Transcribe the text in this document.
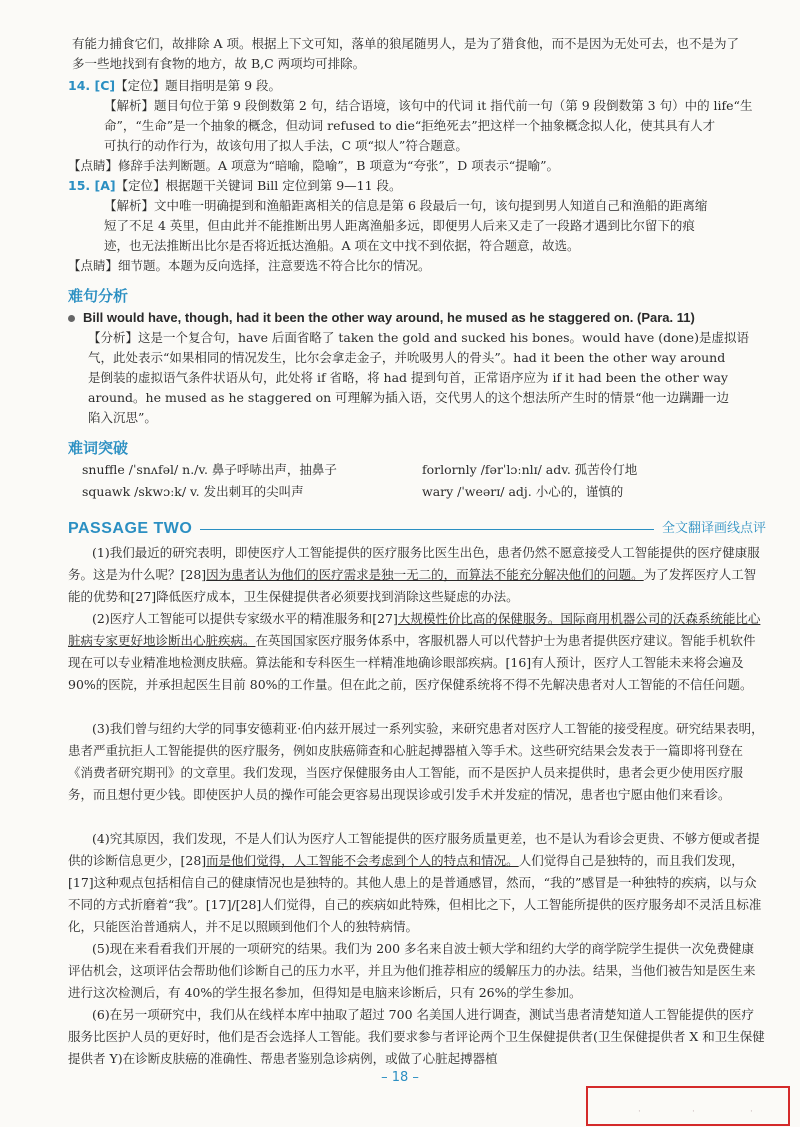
有能力捕食它们，故排除 A 项。根据上下文可知，落单的狼尾随男人，是为了猎食他，而不是因为无处可去，也不是为了

多一些地找到有食物的地方，故 B,C 两项均可排除。

14. [C]【定位】题目指明是第 9 段。

【解析】题目句位于第 9 段倒数第 2 句，结合语境，该句中的代词 it 指代前一句（第 9 段倒数第 3 句）中的 life“生

命”，“生命”是一个抽象的概念，但动词 refused to die“拒绝死去”把这样一个抽象概念拟人化，使其具有人才

可执行的动作行为，故该句用了拟人手法，C 项“拟人”符合题意。

【点睛】修辞手法判断题。A 项意为“暗喻，隐喻”，B 项意为“夸张”，D 项表示“提喻”。

15. [A]【定位】根据题干关键词 Bill 定位到第 9—11 段。

【解析】文中唯一明确提到和渔船距离相关的信息是第 6 段最后一句，该句提到男人知道自己和渔船的距离缩

短了不足 4 英里，但由此并不能推断出男人距离渔船多远，即便男人后来又走了一段路才遇到比尔留下的痕

迹，也无法推断出比尔是否将近抵达渔船。A 项在文中找不到依据，符合题意，故选。

【点睛】细节题。本题为反向选择，注意要选不符合比尔的情况。

难句分析

Bill would have, though, had it been the other way around, he mused as he staggered on. (Para. 11)

【分析】这是一个复合句，have 后面省略了 taken the gold and sucked his bones。would have (done)是虚拟语

气，此处表示“如果相同的情况发生，比尔会拿走金子，并吮吸男人的骨头”。had it been the other way around

是倒装的虚拟语气条件状语从句，此处将 if 省略，将 had 提到句首，正常语序应为 if it had been the other way

around。he mused as he staggered on 可理解为插入语，交代男人的这个想法所产生时的情景“他一边蹒跚一边

陷入沉思”。

难词突破
snuffle /ˈsnʌfəl/ n./v. 鼻子呼哧出声，抽鼻子	forlornly /fərˈlɔːnlɪ/ adv. 孤苦伶仃地
squawk /skwɔːk/ v. 发出刺耳的尖叫声	wary /ˈweərɪ/ adj. 小心的，谨慎的
PASSAGE TWO	全文翻译画线点评

(1)我们最近的研究表明，即使医疗人工智能提供的医疗服务比医生出色，患者仍然不愿意接受人工智能提供的医疗健康服务。这是为什么呢？[28]因为患者认为他们的医疗需求是独一无二的，而算法不能充分解决他们的问题。为了发挥医疗人工智能的优势和[27]降低医疗成本，卫生保健提供者必须要找到消除这些疑虑的办法。

(2)医疗人工智能可以提供专家级水平的精准服务和[27]大规模性价比高的保健服务。国际商用机器公司的沃森系统能比心脏病专家更好地诊断出心脏疾病。在英国国家医疗服务体系中，客服机器人可以代替护士为患者提供医疗建议。智能手机软件现在可以专业精准地检测皮肤癌。算法能和专科医生一样精准地确诊眼部疾病。[16]有人预计，医疗人工智能未来将会遍及 90%的医院，并承担起医生目前 80%的工作量。但在此之前，医疗保健系统将不得不先解决患者对人工智能的不信任问题。

(3)我们曾与纽约大学的同事安德莉亚·伯内兹开展过一系列实验，来研究患者对医疗人工智能的接受程度。研究结果表明，患者严重抗拒人工智能提供的医疗服务，例如皮肤癌筛查和心脏起搏器植入等手术。这些研究结果会发表于一篇即将刊登在《消费者研究期刊》的文章里。我们发现，当医疗保健服务由人工智能，而不是医护人员来提供时，患者会更少使用医疗服务，而且想付更少钱。即使医护人员的操作可能会更容易出现误诊或引发手术并发症的情况，患者也宁愿由他们来看诊。

(4)究其原因，我们发现，不是人们认为医疗人工智能提供的医疗服务质量更差，也不是认为看诊会更贵、不够方便或者提供的诊断信息更少，[28]而是他们觉得，人工智能不会考虑到个人的特点和情况。人们觉得自己是独特的，而且我们发现，[17]这种观点包括相信自己的健康情况也是独特的。其他人患上的是普通感冒，然而，“我的”感冒是一种独特的疾病，以与众不同的方式折磨着“我”。[17]/[28]人们觉得，自己的疾病如此特殊，但相比之下，人工智能所提供的医疗服务却不灵活且标准化，只能医治普通病人，并不足以照顾到他们个人的独特病情。

(5)现在来看看我们开展的一项研究的结果。我们为 200 多名来自波士顿大学和纽约大学的商学院学生提供一次免费健康评估机会，这项评估会帮助他们诊断自己的压力水平，并且为他们推荐相应的缓解压力的办法。结果，当他们被告知是医生来进行这次检测后，有 40%的学生报名参加，但得知是电脑来诊断后，只有 26%的学生参加。

(6)在另一项研究中，我们从在线样本库中抽取了超过 700 名美国人进行调查，测试当患者清楚知道人工智能提供的医疗服务比医护人员的更好时，他们是否会选择人工智能。我们要求参与者评论两个卫生保健提供者(卫生保健提供者 X 和卫生保健提供者 Y)在诊断皮肤癌的准确性、帮患者鉴别急诊病例，或做了心脏起搏器植

– 18 –
·	·	·
